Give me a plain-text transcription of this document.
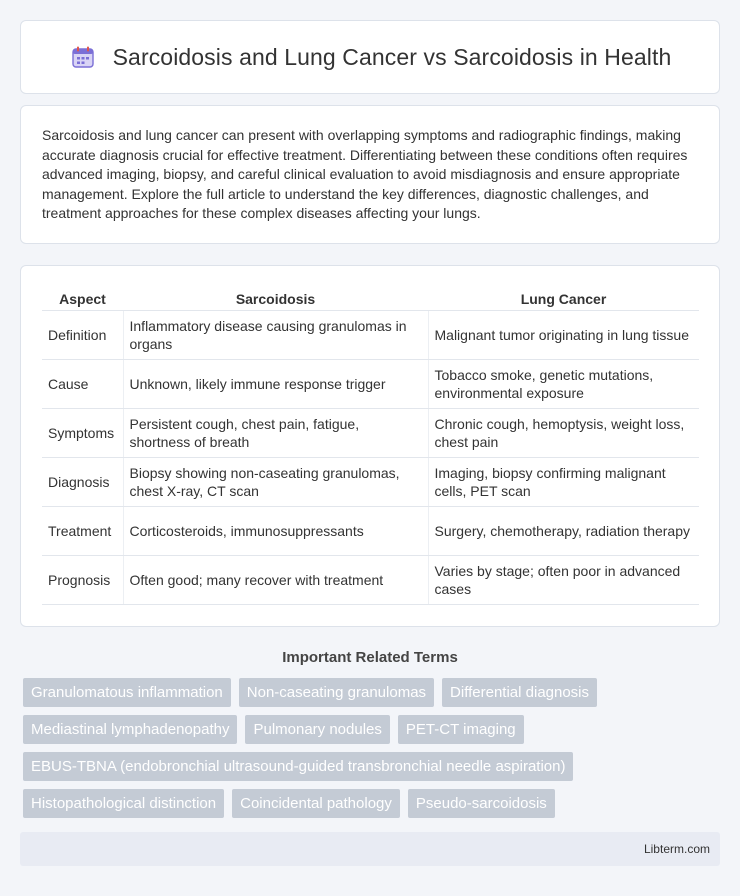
Sarcoidosis and Lung Cancer vs Sarcoidosis in Health

Sarcoidosis and lung cancer can present with overlapping symptoms and radiographic findings, making accurate diagnosis crucial for effective treatment. Differentiating between these conditions often requires advanced imaging, biopsy, and careful clinical evaluation to avoid misdiagnosis and ensure appropriate management. Explore the full article to understand the key differences, diagnostic challenges, and treatment approaches for these complex diseases affecting your lungs.

Aspect	Sarcoidosis	Lung Cancer
Definition	Inflammatory disease causing granulomas in organs	Malignant tumor originating in lung tissue
Cause	Unknown, likely immune response trigger	Tobacco smoke, genetic mutations, environmental exposure
Symptoms	Persistent cough, chest pain, fatigue, shortness of breath	Chronic cough, hemoptysis, weight loss, chest pain
Diagnosis	Biopsy showing non-caseating granulomas, chest X-ray, CT scan	Imaging, biopsy confirming malignant cells, PET scan
Treatment	Corticosteroids, immunosuppressants	Surgery, chemotherapy, radiation therapy
Prognosis	Often good; many recover with treatment	Varies by stage; often poor in advanced cases
Important Related Terms
Granulomatous inflammation	Non-caseating granulomas	Differential diagnosis
Mediastinal lymphadenopathy	Pulmonary nodules	PET-CT imaging
EBUS-TBNA (endobronchial ultrasound-guided transbronchial needle aspiration)
Histopathological distinction	Coincidental pathology	Pseudo-sarcoidosis
Libterm.com
